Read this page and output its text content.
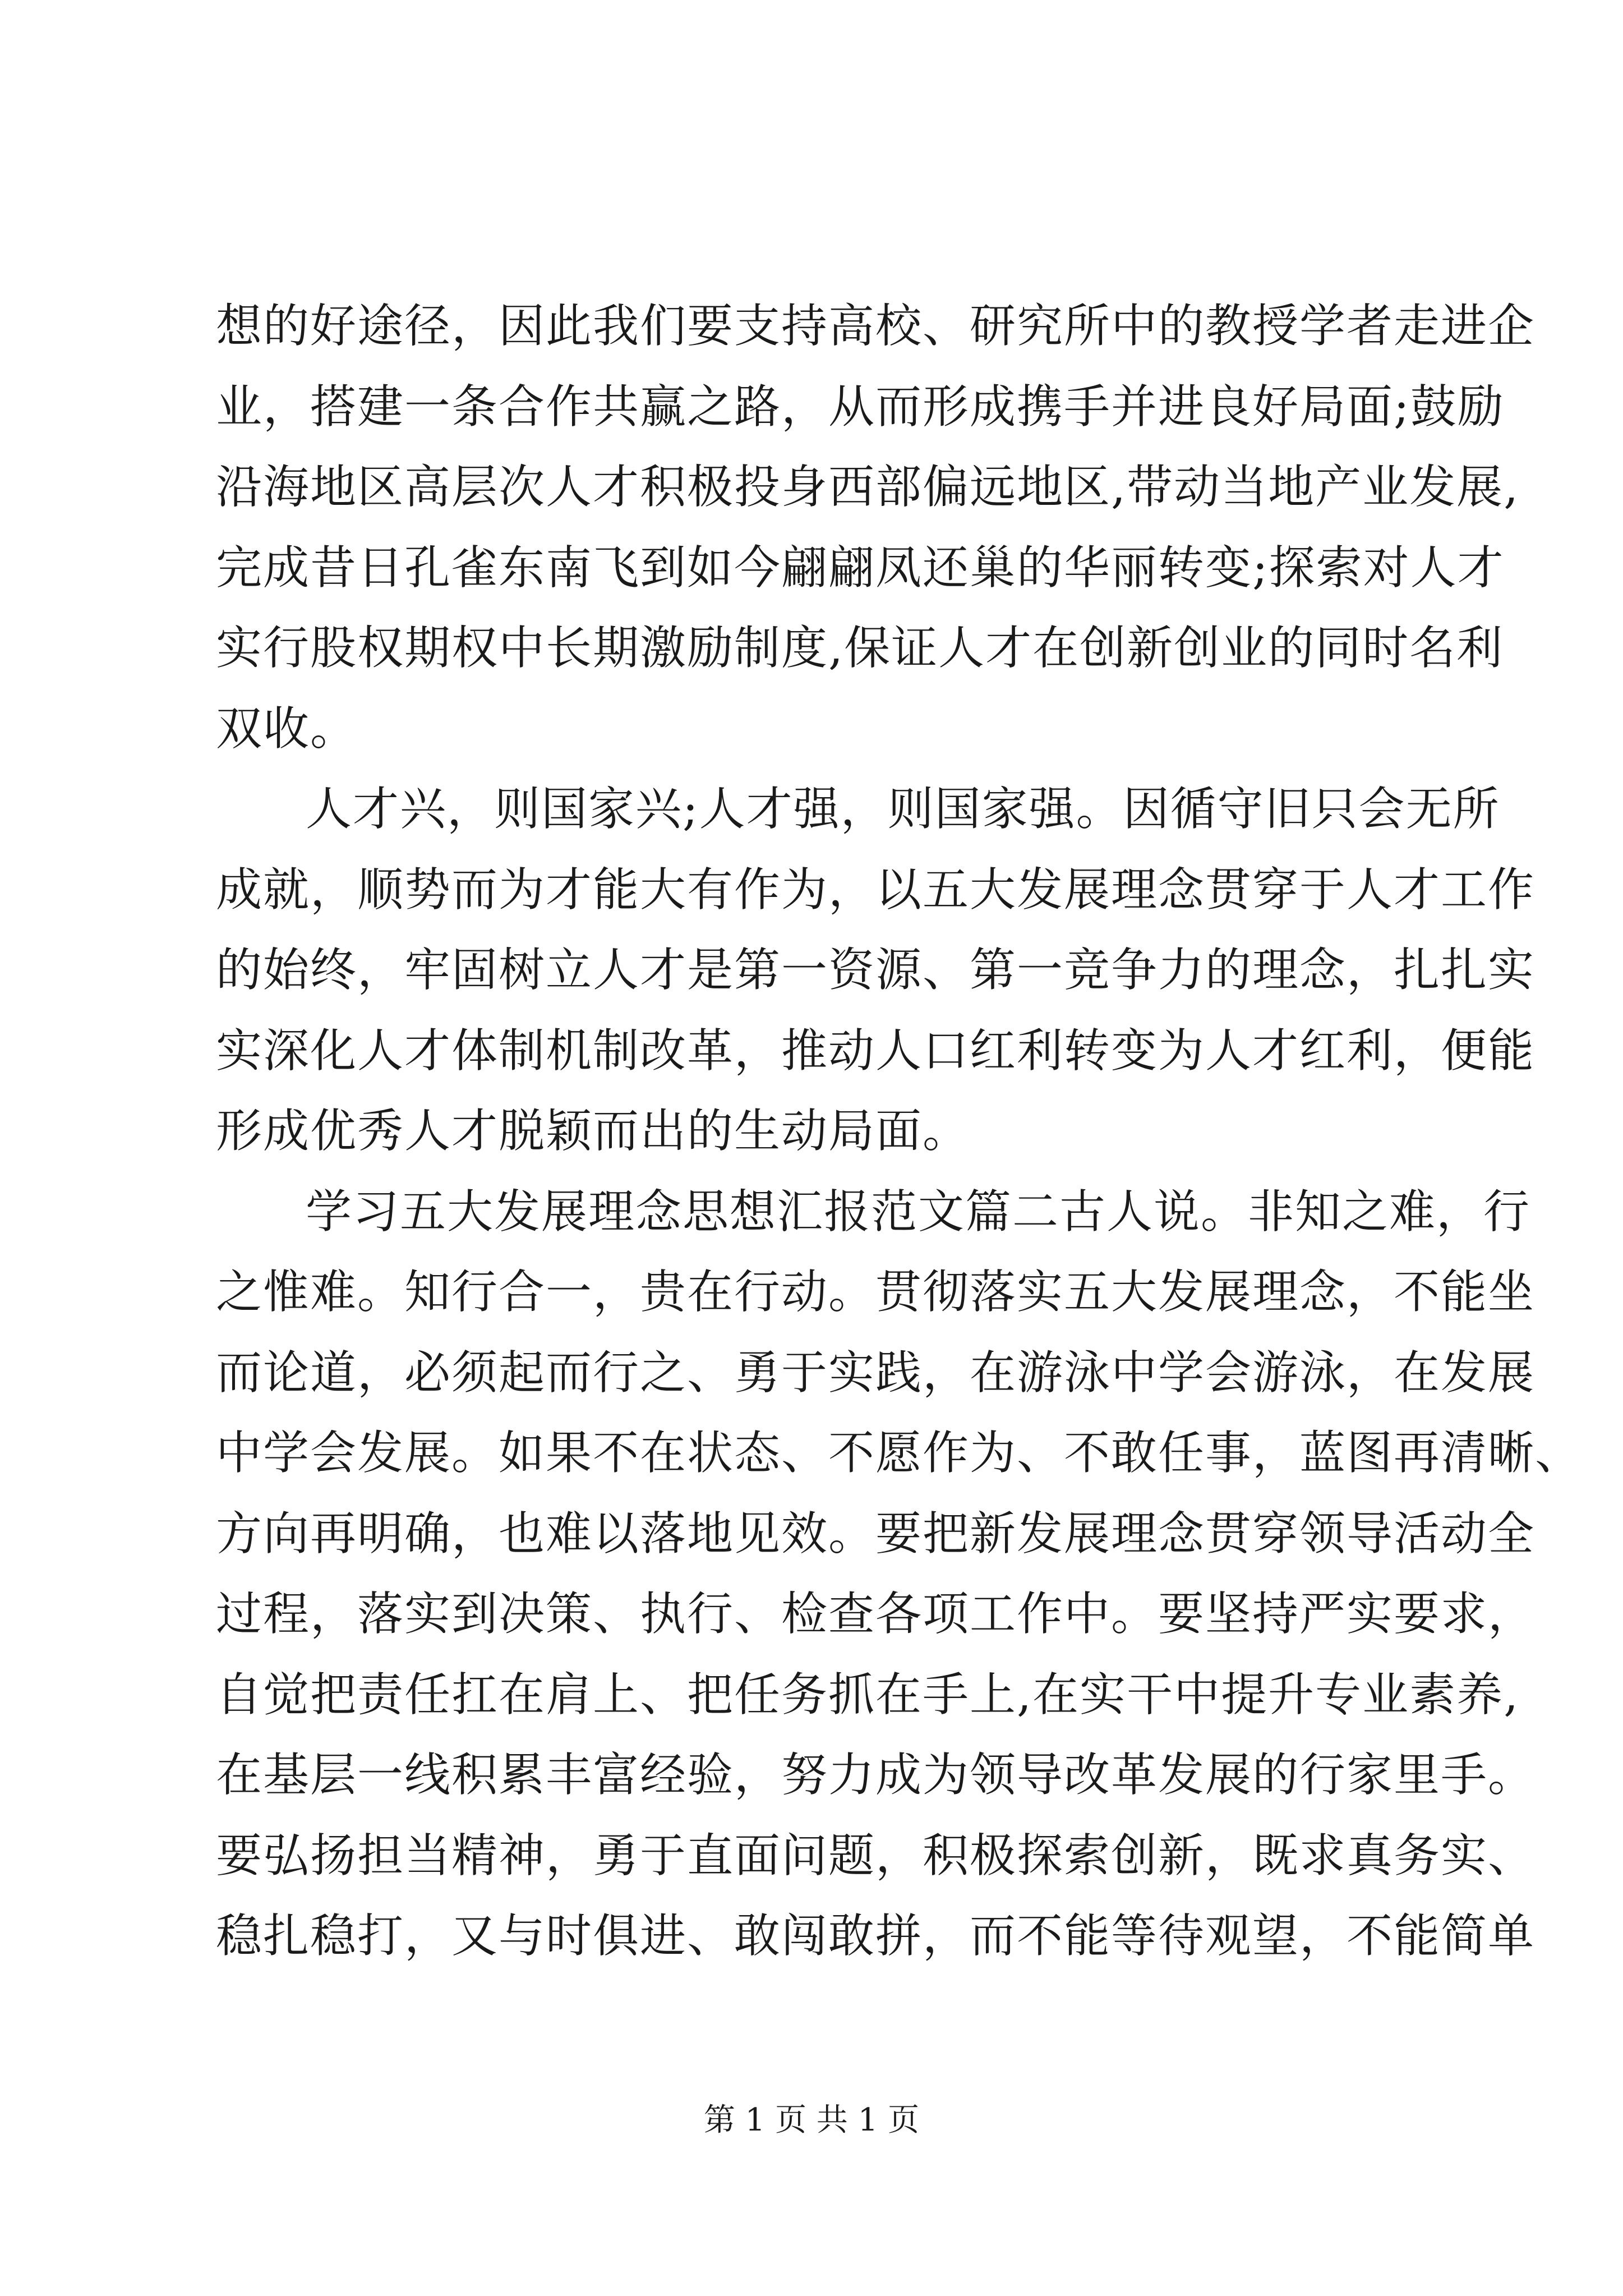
想的好途径，因此我们要支持高校、研究所中的教授学者走进企
业，搭建一条合作共赢之路，从而形成携手并进良好局面;鼓励
沿海地区高层次人才积极投身西部偏远地区,带动当地产业发展,
完成昔日孔雀东南飞到如今翩翩凤还巢的华丽转变;探索对人才
实行股权期权中长期激励制度,保证人才在创新创业的同时名利
双收。
人才兴，则国家兴;人才强，则国家强。因循守旧只会无所
成就，顺势而为才能大有作为，以五大发展理念贯穿于人才工作
的始终，牢固树立人才是第一资源、第一竞争力的理念，扎扎实
实深化人才体制机制改革，推动人口红利转变为人才红利，便能
形成优秀人才脱颖而出的生动局面。
学习五大发展理念思想汇报范文篇二古人说。非知之难，行
之惟难。知行合一，贵在行动。贯彻落实五大发展理念，不能坐
而论道，必须起而行之、勇于实践，在游泳中学会游泳，在发展
中学会发展。如果不在状态、不愿作为、不敢任事，蓝图再清晰、
方向再明确，也难以落地见效。要把新发展理念贯穿领导活动全
过程，落实到决策、执行、检查各项工作中。要坚持严实要求，
自觉把责任扛在肩上、把任务抓在手上,在实干中提升专业素养,
在基层一线积累丰富经验，努力成为领导改革发展的行家里手。
要弘扬担当精神，勇于直面问题，积极探索创新，既求真务实、
稳扎稳打，又与时俱进、敢闯敢拼，而不能等待观望，不能简单
第 1 页 共 1 页
